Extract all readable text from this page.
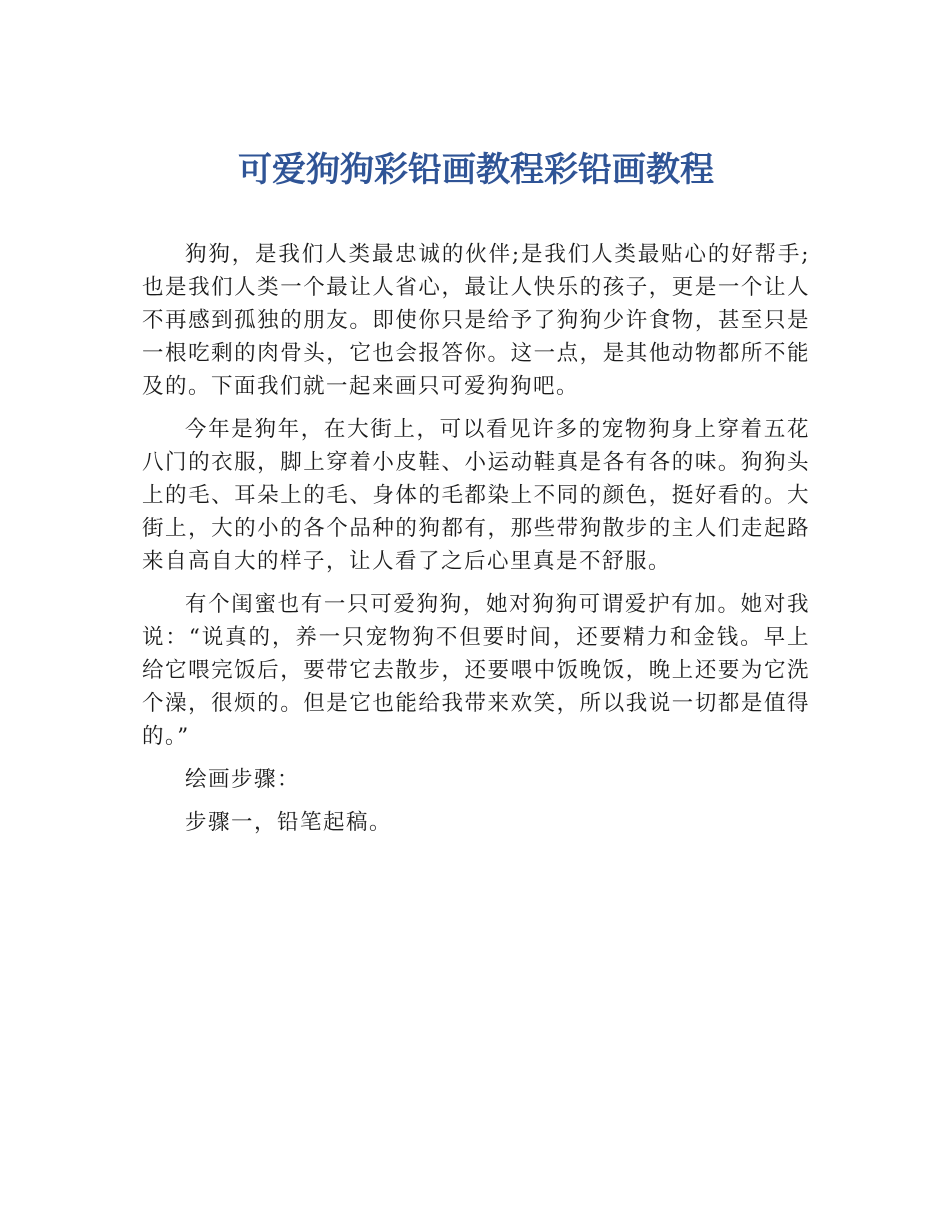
可爱狗狗彩铅画教程彩铅画教程

狗狗，是我们人类最忠诚的伙伴;是我们人类最贴心的好帮手;也是我们人类一个最让人省心，最让人快乐的孩子，更是一个让人不再感到孤独的朋友。即使你只是给予了狗狗少许食物，甚至只是一根吃剩的肉骨头，它也会报答你。这一点，是其他动物都所不能及的。下面我们就一起来画只可爱狗狗吧。

今年是狗年，在大街上，可以看见许多的宠物狗身上穿着五花八门的衣服，脚上穿着小皮鞋、小运动鞋真是各有各的味。狗狗头上的毛、耳朵上的毛、身体的毛都染上不同的颜色，挺好看的。大街上，大的小的各个品种的狗都有，那些带狗散步的主人们走起路来自高自大的样子，让人看了之后心里真是不舒服。

有个闺蜜也有一只可爱狗狗，她对狗狗可谓爱护有加。她对我说：“说真的，养一只宠物狗不但要时间，还要精力和金钱。早上给它喂完饭后，要带它去散步，还要喂中饭晚饭，晚上还要为它洗个澡，很烦的。但是它也能给我带来欢笑，所以我说一切都是值得的。”

绘画步骤：

步骤一，铅笔起稿。
